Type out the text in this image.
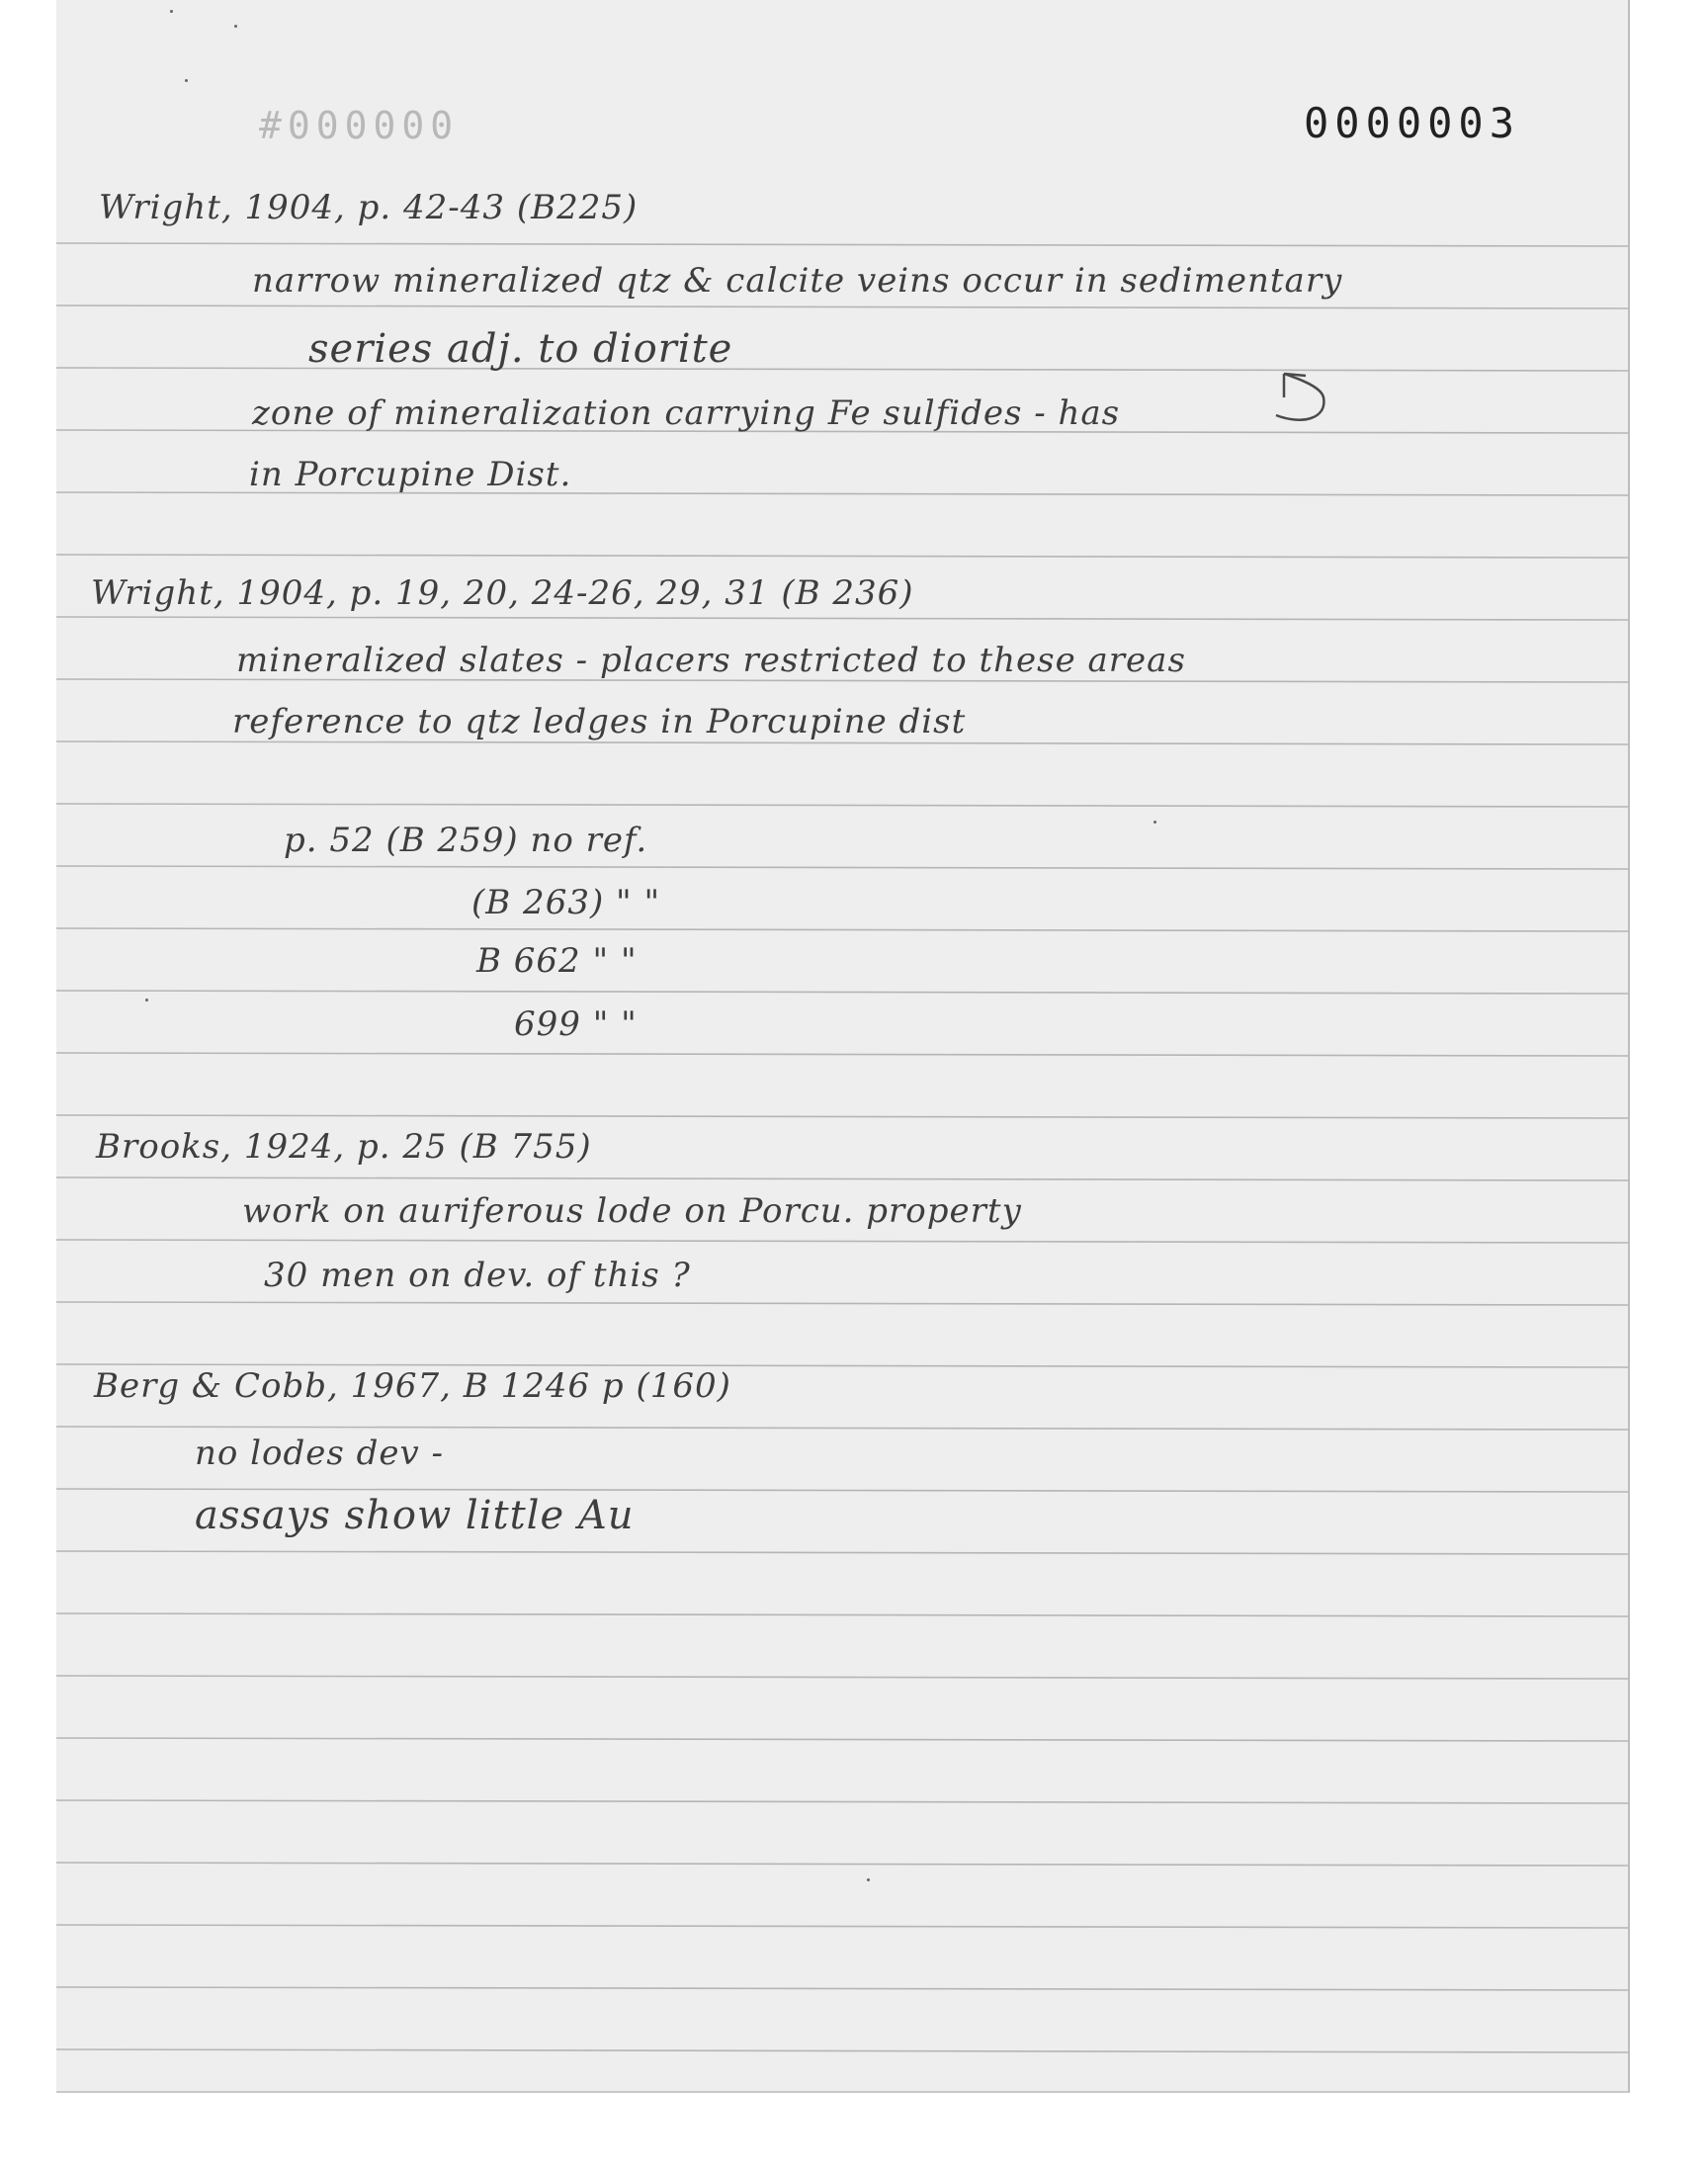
#000000	0000003
Wright, 1904, p. 42-43 (B225)
narrow mineralized qtz & calcite veins occur in sedimentary
series adj. to diorite
zone of mineralization carrying Fe sulfides - has
in Porcupine Dist.
Wright, 1904, p. 19, 20, 24-26, 29, 31 (B 236)
mineralized slates - placers restricted to these areas
reference to qtz ledges in Porcupine dist
p. 52 (B 259) no ref.
(B 263) " "
B 662 " "
699 " "
Brooks, 1924, p. 25 (B 755)
work on auriferous lode on Porcu. property
30 men on dev. of this ?
Berg & Cobb, 1967, B 1246 p (160)
no lodes dev -
assays show little Au
